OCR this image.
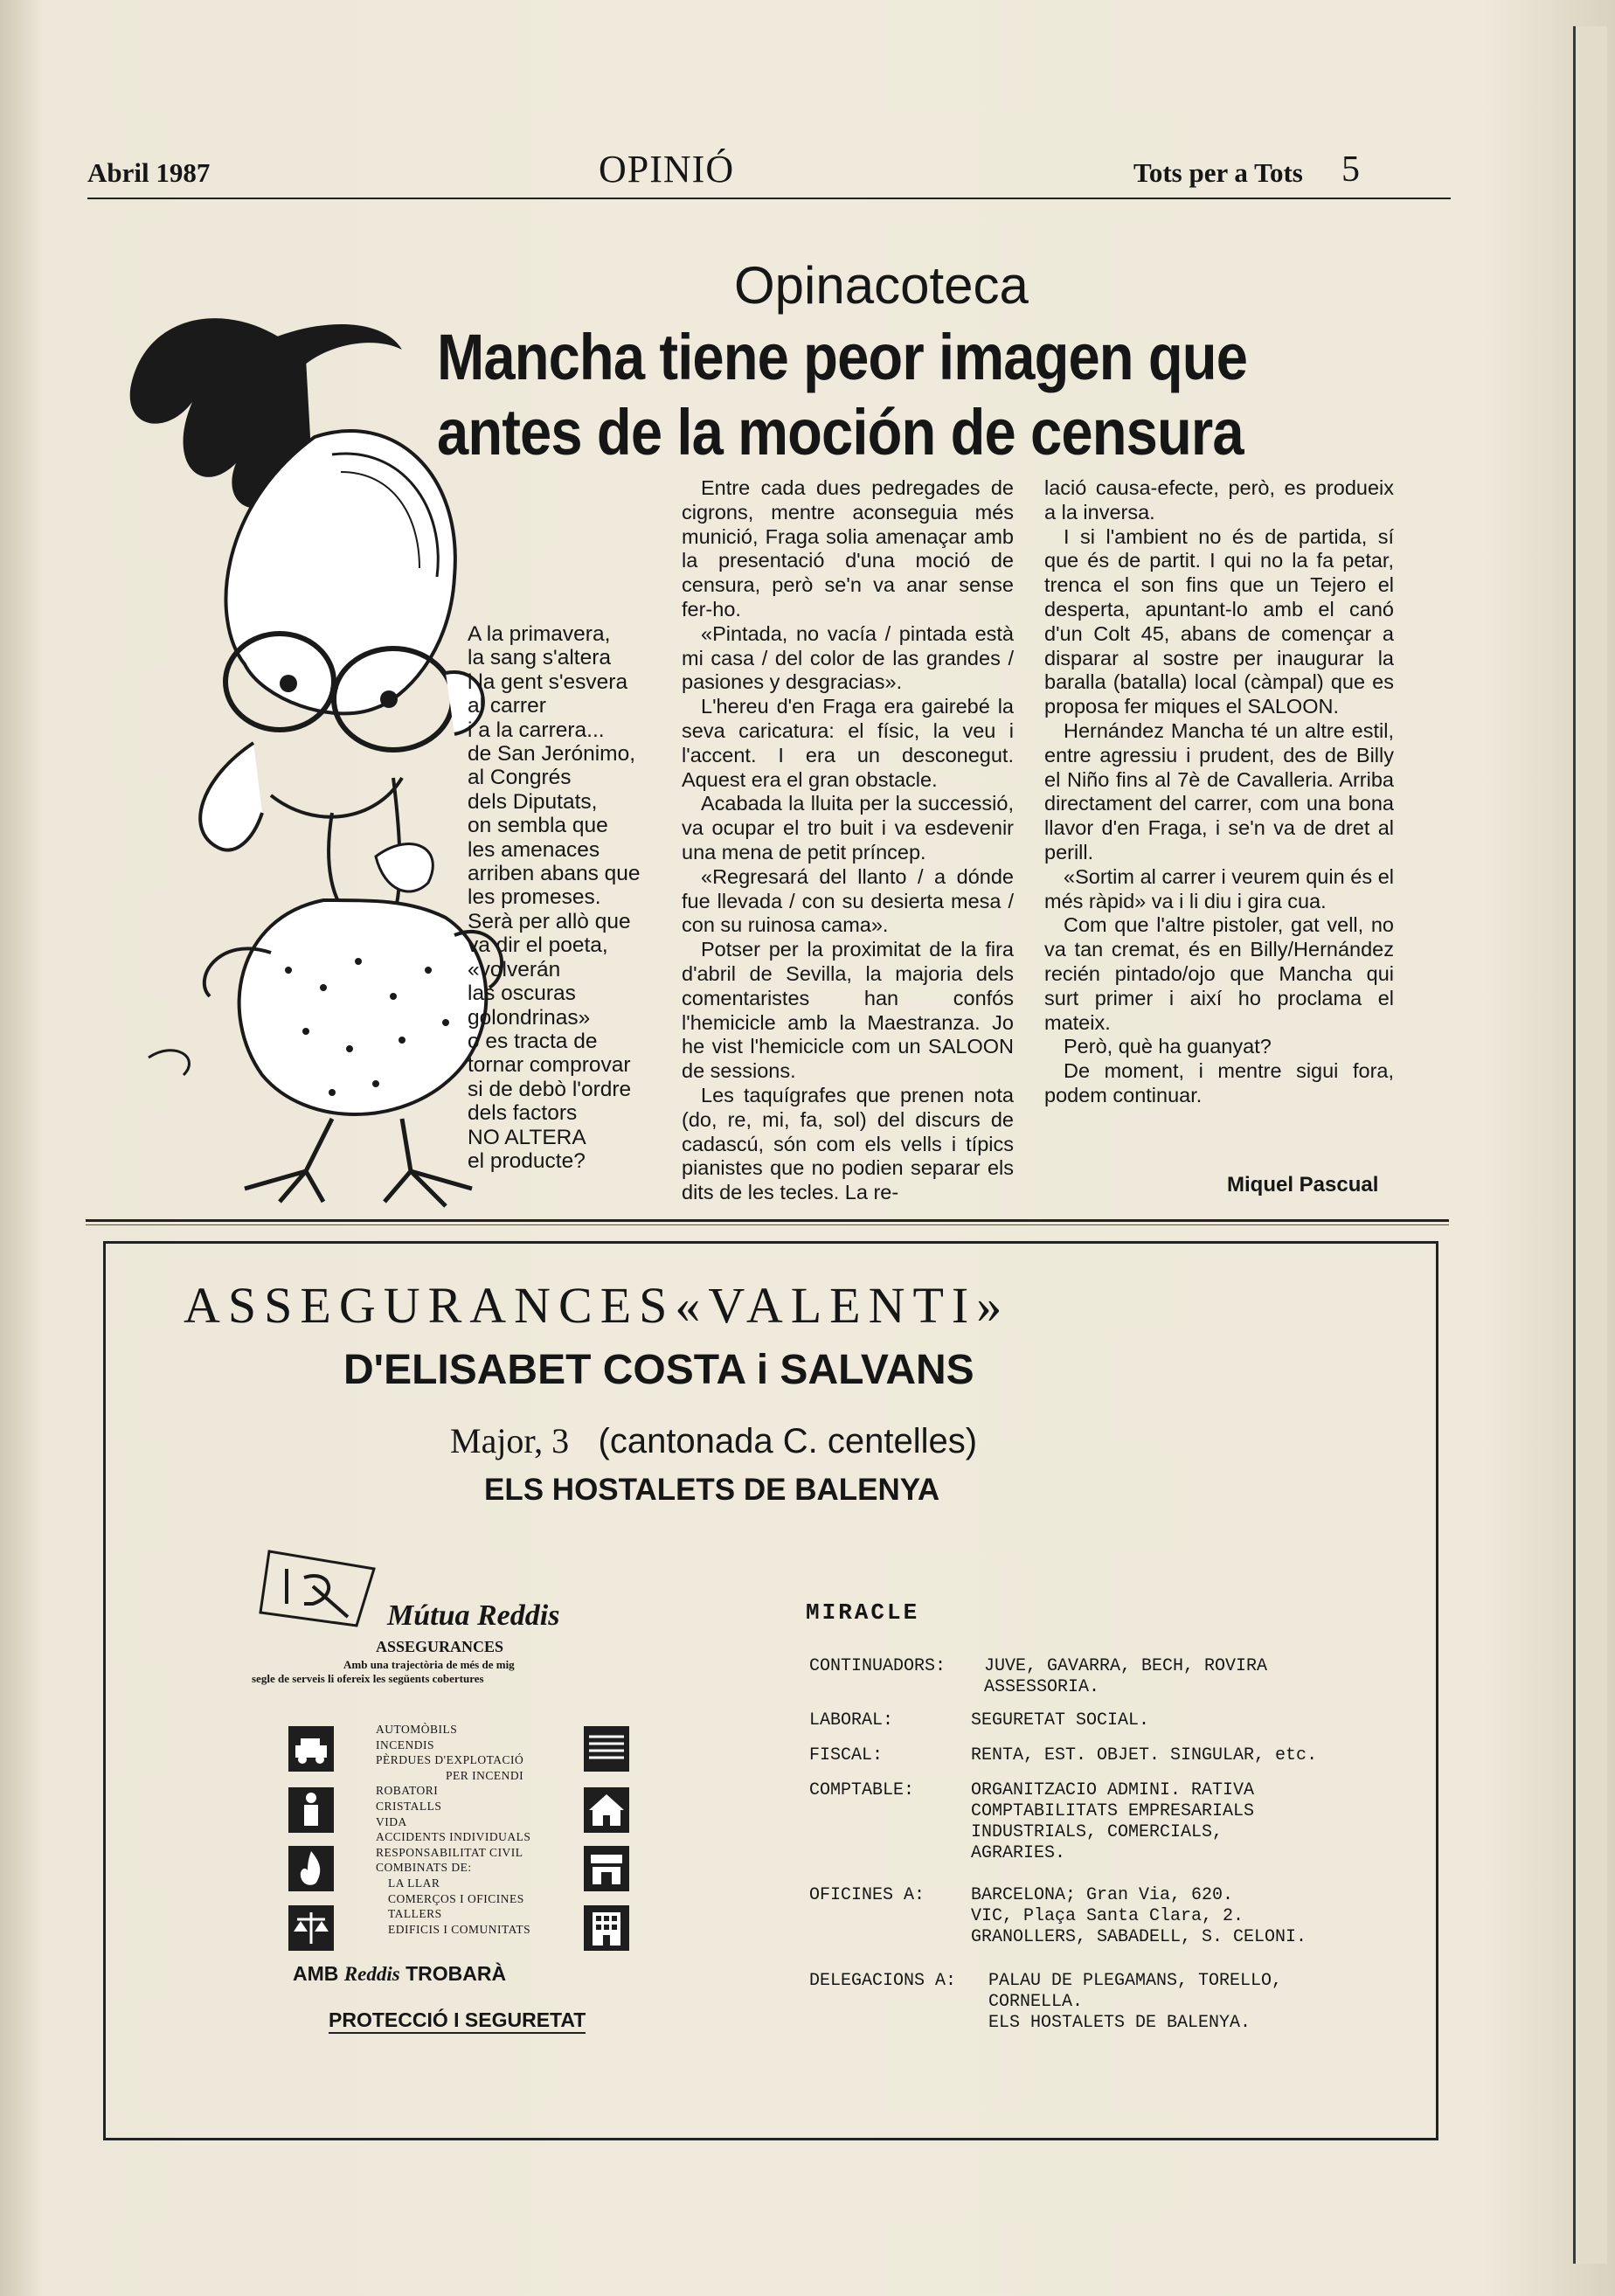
Abril 1987	OPINIÓ	Tots per a Tots 5
Opinacoteca
Mancha tiene peor imagen que
antes de la moción de censura
A la primavera,
la sang s'altera
i la gent s'esvera
al carrer
i a la carrera...
de San Jerónimo,
al Congrés
dels Diputats,
on sembla que
les amenaces
arriben abans que
les promeses.
Serà per allò que
va dir el poeta,
«volverán
las oscuras
golondrinas»
o es tracta de
tornar comprovar
si de debò l'ordre
dels factors
NO ALTERA
el producte?

Entre cada dues pedregades de cigrons, mentre aconseguia més munició, Fraga solia amenaçar amb la presentació d'una moció de censura, però se'n va anar sense fer-ho.

«Pintada, no vacía / pintada està mi casa / del color de las grandes / pasiones y desgracias».

L'hereu d'en Fraga era gairebé la seva caricatura: el físic, la veu i l'accent. I era un desconegut. Aquest era el gran obstacle.

Acabada la lluita per la successió, va ocupar el tro buit i va esdevenir una mena de petit príncep.

«Regresará del llanto / a dónde fue llevada / con su desierta mesa / con su ruinosa cama».

Potser per la proximitat de la fira d'abril de Sevilla, la majoria dels comentaristes han confós l'hemicicle amb la Maestranza. Jo he vist l'hemicicle com un SALOON de sessions.

Les taquígrafes que prenen nota (do, re, mi, fa, sol) del discurs de cadascú, són com els vells i típics pianistes que no podien separar els dits de les tecles. La re-

lació causa-efecte, però, es produeix a la inversa.

I si l'ambient no és de partida, sí que és de partit. I qui no la fa petar, trenca el son fins que un Tejero el desperta, apuntant-lo amb el canó d'un Colt 45, abans de començar a disparar al sostre per inaugurar la baralla (batalla) local (càmpal) que es proposa fer miques el SALOON.

Hernández Mancha té un altre estil, entre agressiu i prudent, des de Billy el Niño fins al 7è de Cavalleria. Arriba directament del carrer, com una bona llavor d'en Fraga, i se'n va de dret al perill.

«Sortim al carrer i veurem quin és el més ràpid» va i li diu i gira cua.

Com que l'altre pistoler, gat vell, no va tan cremat, és en Billy/Hernández recién pintado/ojo que Mancha qui surt primer i així ho proclama el mateix.

Però, què ha guanyat?

De moment, i mentre sigui fora, podem continuar.

Miquel Pascual
ASSEGURANCES«VALENTI»
D'ELISABET COSTA i SALVANS
Major, 3 (cantonada C. centelles)
ELS HOSTALETS DE BALENYA
Mútua Reddis
ASSEGURANCES
Amb una trajectòria de més de mig
segle de serveis li ofereix les següents cobertures
AUTOMÒBILS
INCENDIS
PÈRDUES D'EXPLOTACIÓ
PER INCENDI
ROBATORI
CRISTALLS
VIDA
ACCIDENTS INDIVIDUALS
RESPONSABILITAT CIVIL
COMBINATS DE:
LA LLAR
COMERÇOS I OFICINES
TALLERS
EDIFICIS I COMUNITATS
AMB Reddis TROBARÀ
PROTECCIÓ I SEGURETAT
MIRACLE
CONTINUADORS: JUVE, GAVARRA, BECH, ROVIRA
ASSESSORIA.
LABORAL:	SEGURETAT SOCIAL.
FISCAL:	RENTA, EST. OBJET. SINGULAR, etc.
COMPTABLE:	ORGANITZACIO ADMINI. RATIVA
COMPTABILITATS EMPRESARIALS
INDUSTRIALS, COMERCIALS,
AGRARIES.
OFICINES A:	BARCELONA; Gran Via, 620.
VIC, Plaça Santa Clara, 2.
GRANOLLERS, SABADELL, S. CELONI.
DELEGACIONS A: PALAU DE PLEGAMANS, TORELLO,
CORNELLA.
ELS HOSTALETS DE BALENYA.
